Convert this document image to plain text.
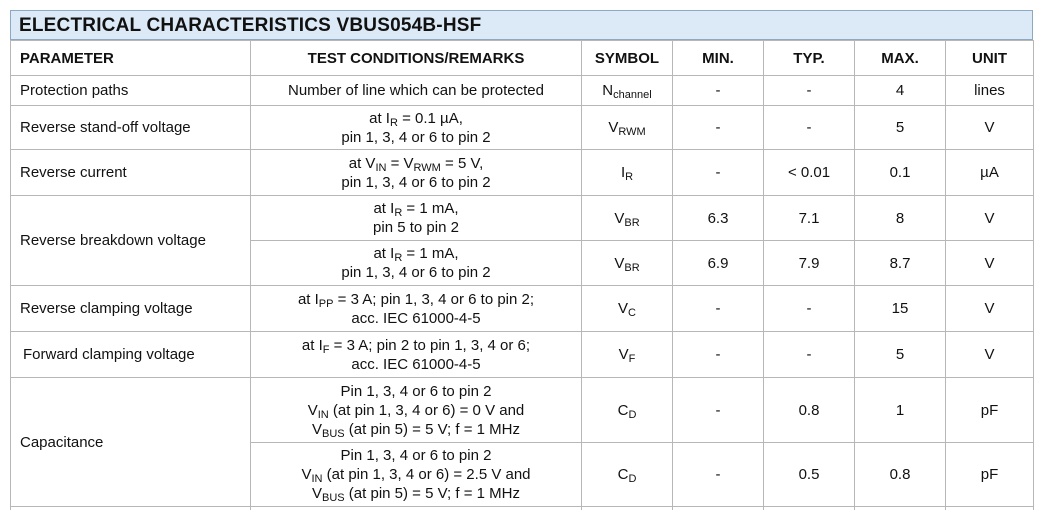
ELECTRICAL CHARACTERISTICS VBUS054B-HSF
PARAMETER	TEST CONDITIONS/REMARKS	SYMBOL	MIN.	TYP.	MAX.	UNIT
Protection paths	Number of line which can be protected	$N_{channel}$	-	-	4	lines
Reverse stand-off voltage	at $I_R = 0.1$ µA,
pin 1, 3, 4 or 6 to pin 2	$V_{RWM}$	-	-	5	V
Reverse current	at $V_{IN} = V_{RWM} = 5$ V,
pin 1, 3, 4 or 6 to pin 2	$I_R$	-	< 0.01	0.1	µA
Reverse breakdown voltage	at $I_R = 1$ mA,
pin 5 to pin 2	$V_{BR}$	6.3	7.1	8	V

	at $I_R = 1$ mA,
pin 1, 3, 4 or 6 to pin 2	$V_{BR}$	6.9	7.9	8.7	V
Reverse clamping voltage	at $I_{PP} = 3$ A; pin 1, 3, 4 or 6 to pin 2;
acc. IEC 61000-4-5	$V_C$	-	-	15	V
Forward clamping voltage	at $I_F = 3$ A; pin 2 to pin 1, 3, 4 or 6;
acc. IEC 61000-4-5	$V_F$	-	-	5	V
Capacitance	Pin 1, 3, 4 or 6 to pin 2
$V_{IN}$ (at pin 1, 3, 4 or 6) = 0 V and
$V_{BUS}$ (at pin 5) = 5 V; f = 1 MHz	$C_D$	-	0.8	1	pF

	Pin 1, 3, 4 or 6 to pin 2
$V_{IN}$ (at pin 1, 3, 4 or 6) = 2.5 V and
$V_{BUS}$ (at pin 5) = 5 V; f = 1 MHz	$C_D$	-	0.5	0.8	pF
